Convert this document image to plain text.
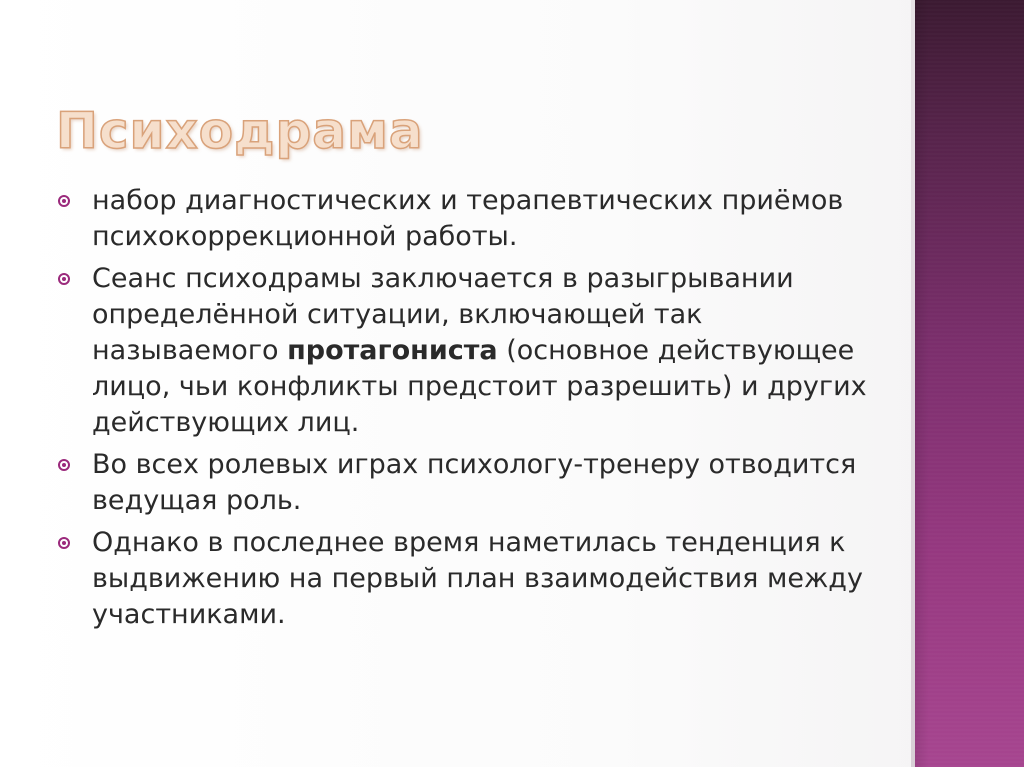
Психодрама
набор диагностических и терапевтических приёмов психокоррекционной работы.
Сеанс психодрамы заключается в разыгрывании определённой ситуации, включающей так называемого протагониста (основное действующее лицо, чьи конфликты предстоит разрешить) и других действующих лиц.
Во всех ролевых играх психологу-тренеру отводится ведущая роль.
Однако в последнее время наметилась тенденция к выдвижению на первый план взаимодействия между участниками.
